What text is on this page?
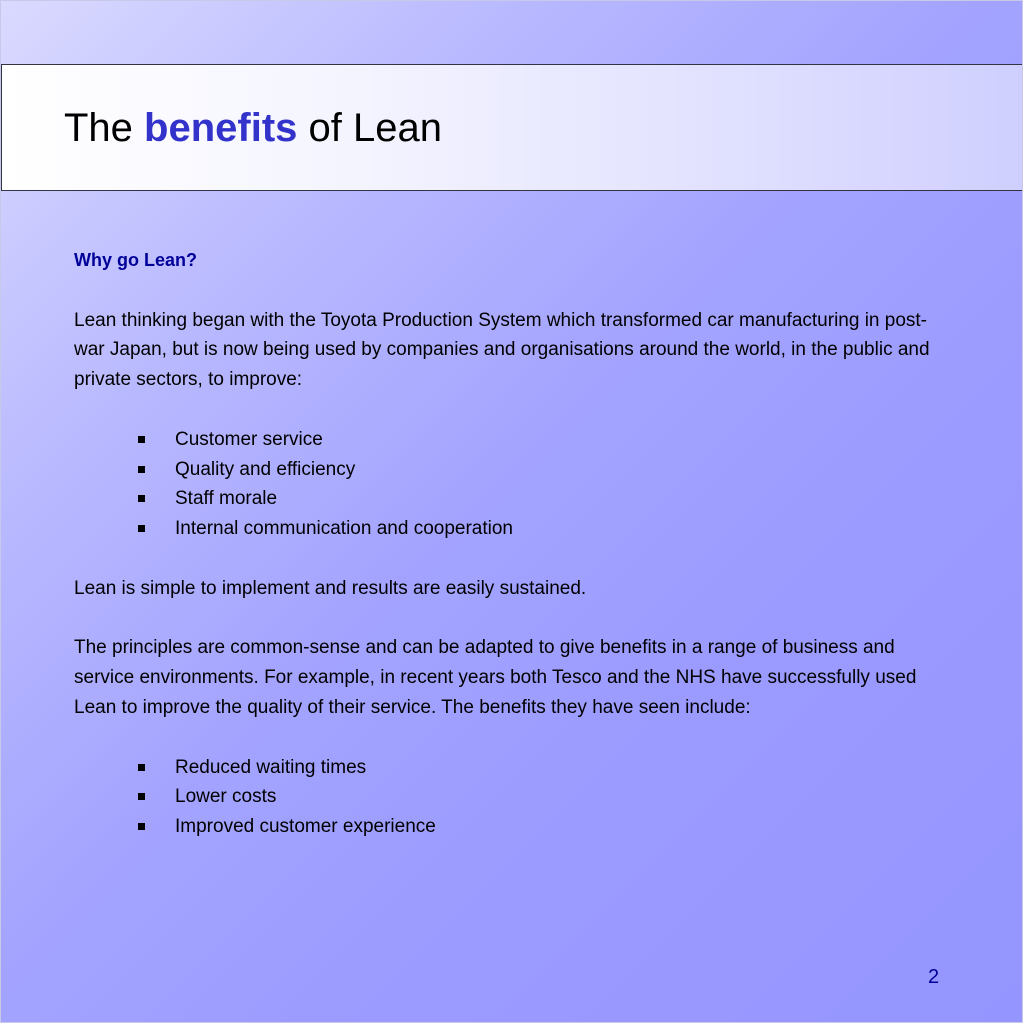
The benefits of Lean

Why go Lean?

Lean thinking began with the Toyota Production System which transformed car manufacturing in post-war Japan, but is now being used by companies and organisations around the world, in the public and private sectors, to improve:

Customer service
Quality and efficiency
Staff morale
Internal communication and cooperation

Lean is simple to implement and results are easily sustained.

The principles are common-sense and can be adapted to give benefits in a range of business and service environments. For example, in recent years both Tesco and the NHS have successfully used Lean to improve the quality of their service. The benefits they have seen include:

Reduced waiting times
Lower costs
Improved customer experience
2
